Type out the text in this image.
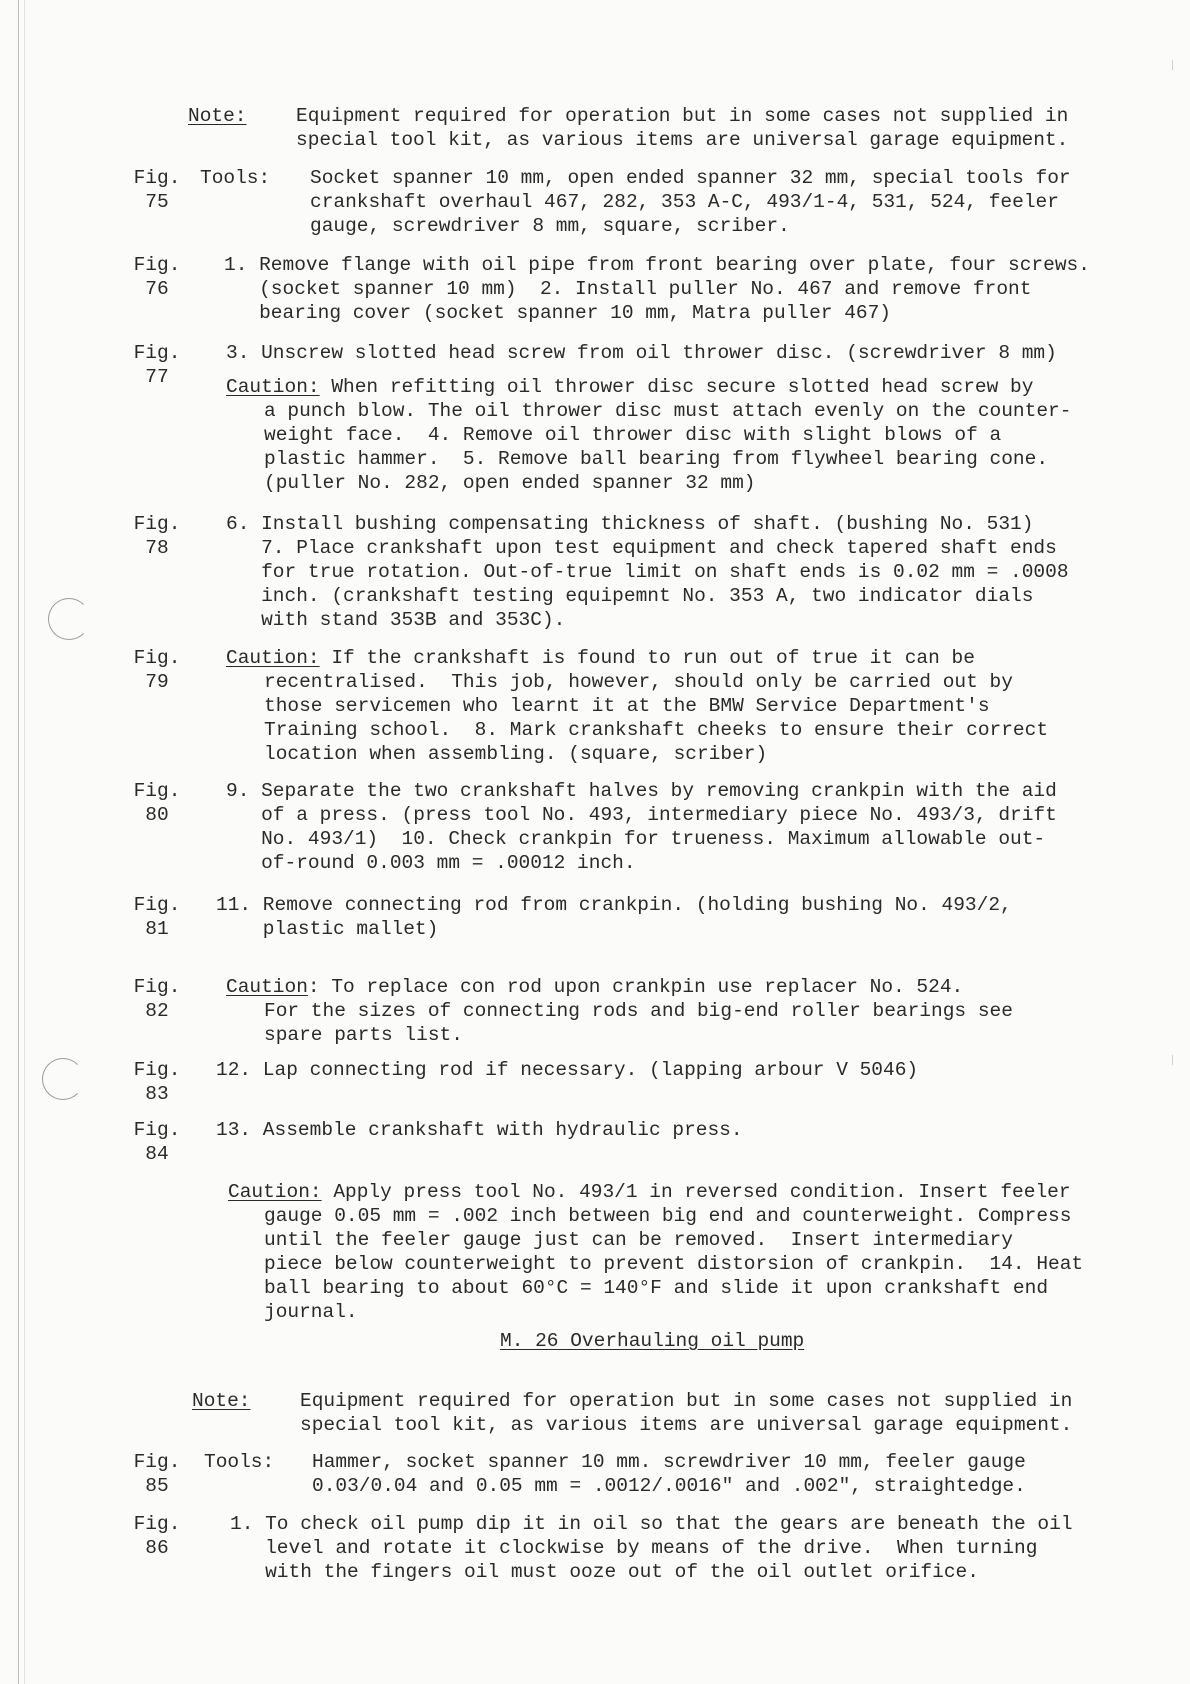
Note:	Equipment required for operation but in some cases not supplied in
special tool kit, as various items are universal garage equipment.
Fig.
75
Tools: Socket spanner 10 mm, open ended spanner 32 mm, special tools for
crankshaft overhaul 467, 282, 353 A-C, 493/1-4, 531, 524, feeler
gauge, screwdriver 8 mm, square, scriber.
Fig.
76
1. Remove flange with oil pipe from front bearing over plate, four screws.
(socket spanner 10 mm)  2. Install puller No. 467 and remove front
bearing cover (socket spanner 10 mm, Matra puller 467)
Fig.
77
3. Unscrew slotted head screw from oil thrower disc. (screwdriver 8 mm)
Caution: When refitting oil thrower disc secure slotted head screw by
a punch blow. The oil thrower disc must attach evenly on the counter-
weight face.  4. Remove oil thrower disc with slight blows of a
plastic hammer.  5. Remove ball bearing from flywheel bearing cone.
(puller No. 282, open ended spanner 32 mm)
Fig.
78
6. Install bushing compensating thickness of shaft. (bushing No. 531)
7. Place crankshaft upon test equipment and check tapered shaft ends
for true rotation. Out-of-true limit on shaft ends is 0.02 mm = .0008
inch. (crankshaft testing equipemnt No. 353 A, two indicator dials
with stand 353B and 353C).
Fig.
79
Caution: If the crankshaft is found to run out of true it can be
recentralised.  This job, however, should only be carried out by
those servicemen who learnt it at the BMW Service Department's
Training school.  8. Mark crankshaft cheeks to ensure their correct
location when assembling. (square, scriber)
Fig.
80
9. Separate the two crankshaft halves by removing crankpin with the aid
of a press. (press tool No. 493, intermediary piece No. 493/3, drift
No. 493/1)  10. Check crankpin for trueness. Maximum allowable out-
of-round 0.003 mm = .00012 inch.
Fig.
81
11. Remove connecting rod from crankpin. (holding bushing No. 493/2,
plastic mallet)
Fig.
82
Caution: To replace con rod upon crankpin use replacer No. 524.
For the sizes of connecting rods and big-end roller bearings see
spare parts list.
Fig.
83
12. Lap connecting rod if necessary. (lapping arbour V 5046)
Fig.
84
13. Assemble crankshaft with hydraulic press.
Caution: Apply press tool No. 493/1 in reversed condition. Insert feeler
gauge 0.05 mm = .002 inch between big end and counterweight. Compress
until the feeler gauge just can be removed.  Insert intermediary
piece below counterweight to prevent distorsion of crankpin.  14. Heat
ball bearing to about 60°C = 140°F and slide it upon crankshaft end
journal.
M. 26 Overhauling oil pump
Note:	Equipment required for operation but in some cases not supplied in
special tool kit, as various items are universal garage equipment.
Fig.
85
Tools: Hammer, socket spanner 10 mm. screwdriver 10 mm, feeler gauge
0.03/0.04 and 0.05 mm = .0012/.0016" and .002", straightedge.
Fig.
86
1. To check oil pump dip it in oil so that the gears are beneath the oil
level and rotate it clockwise by means of the drive.  When turning
with the fingers oil must ooze out of the oil outlet orifice.
